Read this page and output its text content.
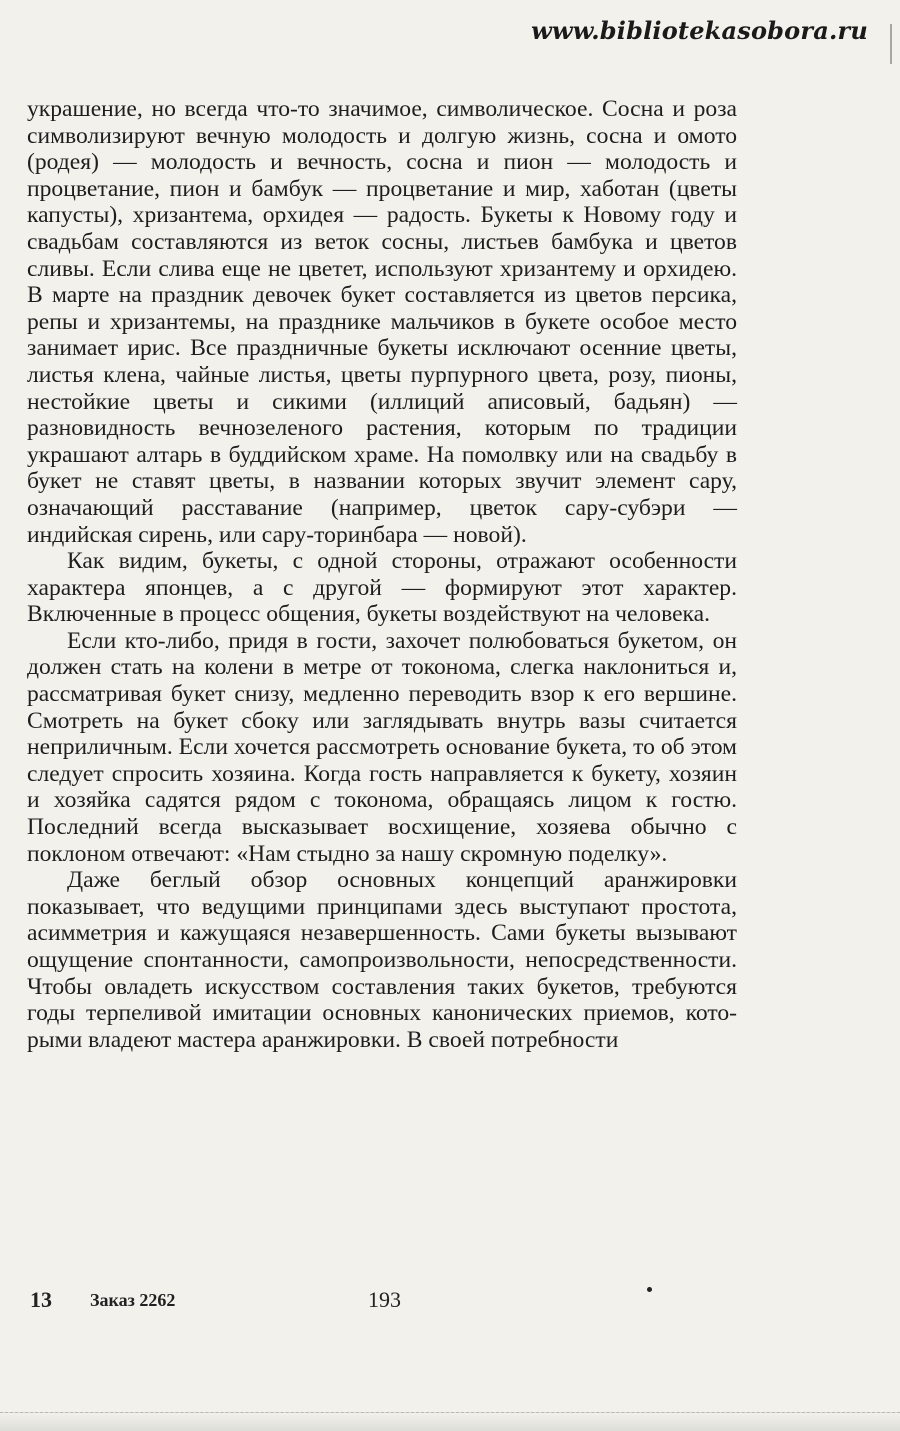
www.bibliotekasobora.ru

украшение, но всегда что-то значимое, символическое. Сосна и роза символизируют вечную молодость и долгую жизнь, сосна и омото (родея) — молодость и вечность, сосна и пион — молодость и процветание, пион и бамбук — процветание и мир, хаботан (цветы капусты), хризантема, орхидея — радость. Букеты к Новому году и свадьбам составляются из веток сосны, листьев бамбука и цветов сливы. Если слива еще не цветет, используют хризантему и орхидею. В марте на праздник девочек букет составляется из цветов персика, репы и хризантемы, на празднике мальчиков в букете особое место занимает ирис. Все праздничные букеты исключают осенние цветы, листья клена, чайные листья, цветы пурпурного цвета, розу, пионы, нестойкие цветы и сикими (иллиций аписовый, бадьян) — разновидность вечнозеленого растения, которым по традиции украшают алтарь в буддийском храме. На помолвку или на свадьбу в букет не ставят цветы, в названии которых звучит элемент сару, означающий расставание (например, цветок сару-субэри — индийская сирень, или сару-торинбара — новой).

Как видим, букеты, с одной стороны, отражают особенности характера японцев, а с другой — формируют этот характер. Включенные в процесс общения, букеты воздействуют на человека.

Если кто-либо, придя в гости, захочет полюбоваться букетом, он должен стать на колени в метре от токонома, слегка наклониться и, рассматривая букет снизу, медленно переводить взор к его вершине. Смотреть на букет сбоку или заглядывать внутрь вазы считается неприличным. Если хочется рассмотреть основание букета, то об этом следует спросить хозяина. Когда гость направляется к букету, хозяин и хозяйка садятся рядом с токонома, обращаясь лицом к гостю. Последний всегда высказывает восхищение, хозяева обычно с поклоном отвечают: «Нам стыдно за нашу скромную поделку».

Даже беглый обзор основных концепций аранжировки показывает, что ведущими принципами здесь выступают простота, асимметрия и кажущаяся незавершенность. Сами букеты вызывают ощущение спонтанности, самопроизвольности, непосредственности. Чтобы овладеть искусством составления таких букетов, требуются годы терпеливой имитации основных канонических приемов, которыми владеют мастера аранжировки. В своей потребности

13 Заказ 2262	193
